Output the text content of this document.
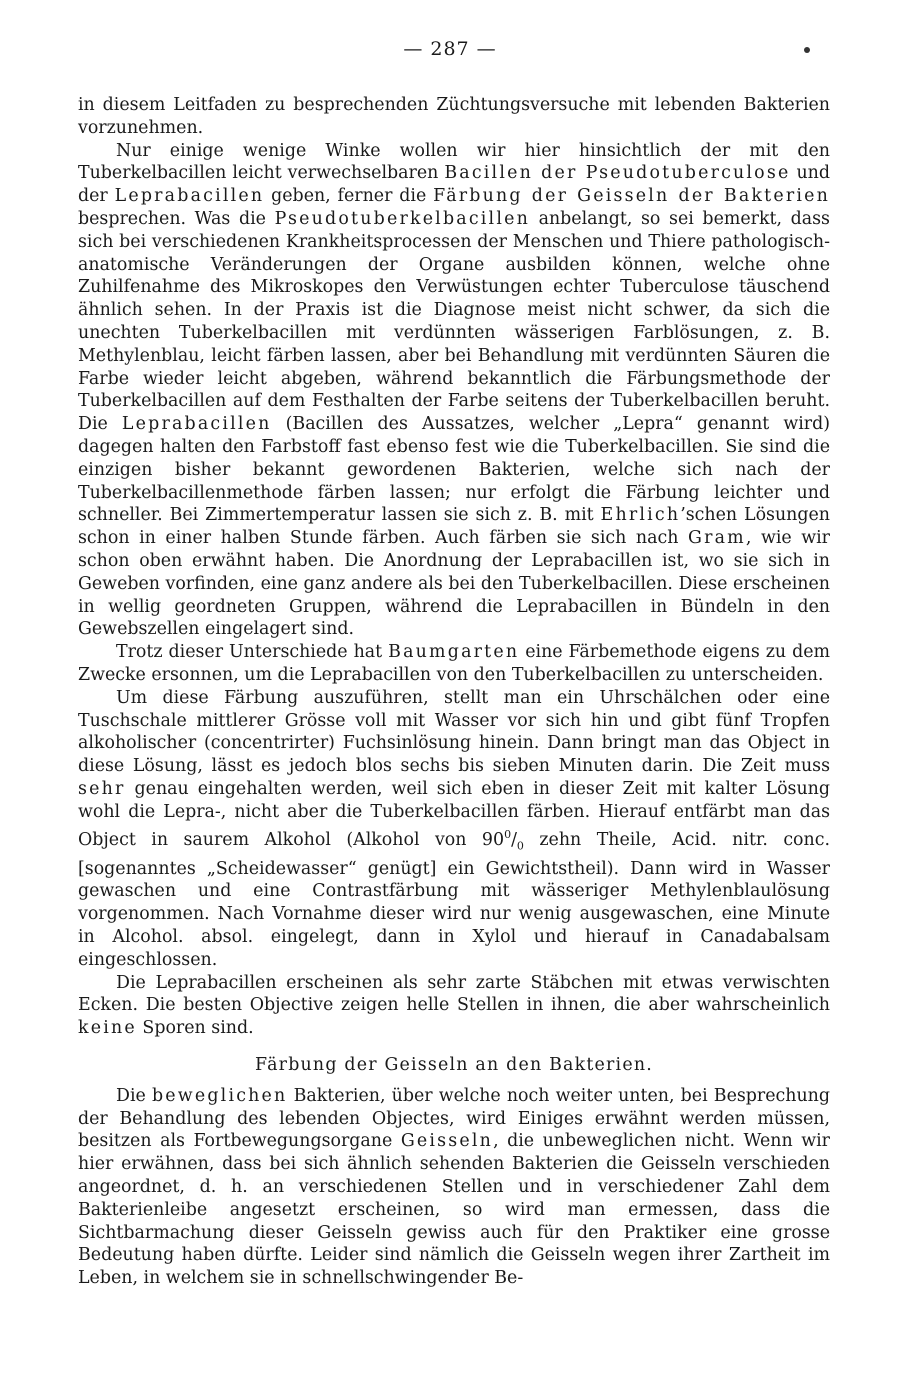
— 287 —

in diesem Leitfaden zu besprechenden Züchtungsversuche mit lebenden Bakterien vorzunehmen.

Nur einige wenige Winke wollen wir hier hinsichtlich der mit den Tuberkelbacillen leicht verwechselbaren Bacillen der Pseudotuberculose und der Leprabacillen geben, ferner die Färbung der Geisseln der Bakterien besprechen. Was die Pseudotuberkelbacillen anbelangt, so sei bemerkt, dass sich bei verschiedenen Krankheitsprocessen der Menschen und Thiere pathologisch-anatomische Veränderungen der Organe ausbilden können, welche ohne Zuhilfenahme des Mikroskopes den Verwüstungen echter Tuberculose täuschend ähnlich sehen. In der Praxis ist die Diagnose meist nicht schwer, da sich die unechten Tuberkelbacillen mit verdünnten wässerigen Farblösungen, z. B. Methylenblau, leicht färben lassen, aber bei Behandlung mit verdünnten Säuren die Farbe wieder leicht abgeben, während bekanntlich die Färbungsmethode der Tuberkelbacillen auf dem Festhalten der Farbe seitens der Tuberkelbacillen beruht. Die Leprabacillen (Bacillen des Aussatzes, welcher „Lepra“ genannt wird) dagegen halten den Farbstoff fast ebenso fest wie die Tuberkelbacillen. Sie sind die einzigen bisher bekannt gewordenen Bakterien, welche sich nach der Tuberkelbacillenmethode färben lassen; nur erfolgt die Färbung leichter und schneller. Bei Zimmertemperatur lassen sie sich z. B. mit Ehrlich’schen Lösungen schon in einer halben Stunde färben. Auch färben sie sich nach Gram, wie wir schon oben erwähnt haben. Die Anordnung der Leprabacillen ist, wo sie sich in Geweben vorfinden, eine ganz andere als bei den Tuberkelbacillen. Diese erscheinen in wellig geordneten Gruppen, während die Leprabacillen in Bündeln in den Gewebszellen eingelagert sind.

Trotz dieser Unterschiede hat Baumgarten eine Färbemethode eigens zu dem Zwecke ersonnen, um die Leprabacillen von den Tuberkelbacillen zu unterscheiden.

Um diese Färbung auszuführen, stellt man ein Uhrschälchen oder eine Tuschschale mittlerer Grösse voll mit Wasser vor sich hin und gibt fünf Tropfen alkoholischer (concentrirter) Fuchsinlösung hinein. Dann bringt man das Object in diese Lösung, lässt es jedoch blos sechs bis sieben Minuten darin. Die Zeit muss sehr genau eingehalten werden, weil sich eben in dieser Zeit mit kalter Lösung wohl die Lepra-, nicht aber die Tuberkelbacillen färben. Hierauf entfärbt man das Object in saurem Alkohol (Alkohol von $90^0/_0$ zehn Theile, Acid. nitr. conc. [sogenanntes „Scheidewasser“ genügt] ein Gewichtstheil). Dann wird in Wasser gewaschen und eine Contrastfärbung mit wässeriger Methylenblaulösung vorgenommen. Nach Vornahme dieser wird nur wenig ausgewaschen, eine Minute in Alcohol. absol. eingelegt, dann in Xylol und hierauf in Canadabalsam eingeschlossen.

Die Leprabacillen erscheinen als sehr zarte Stäbchen mit etwas verwischten Ecken. Die besten Objective zeigen helle Stellen in ihnen, die aber wahrscheinlich keine Sporen sind.

Färbung der Geisseln an den Bakterien.

Die beweglichen Bakterien, über welche noch weiter unten, bei Besprechung der Behandlung des lebenden Objectes, wird Einiges erwähnt werden müssen, besitzen als Fortbewegungsorgane Geisseln, die unbeweglichen nicht. Wenn wir hier erwähnen, dass bei sich ähnlich sehenden Bakterien die Geisseln verschieden angeordnet, d. h. an verschiedenen Stellen und in verschiedener Zahl dem Bakterienleibe angesetzt erscheinen, so wird man ermessen, dass die Sichtbarmachung dieser Geisseln gewiss auch für den Praktiker eine grosse Bedeutung haben dürfte. Leider sind nämlich die Geisseln wegen ihrer Zartheit im Leben, in welchem sie in schnellschwingender Be-
